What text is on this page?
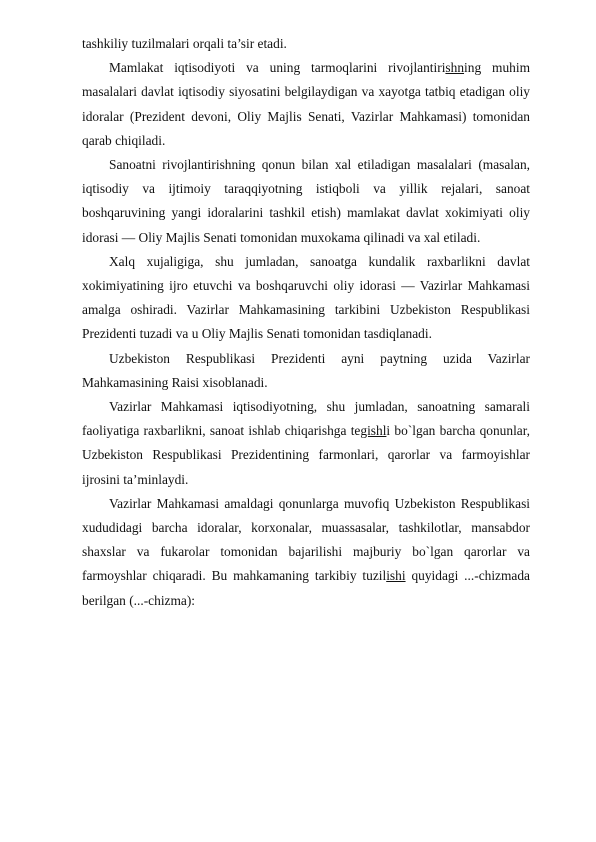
tashkiliy tuzilmalari orqali ta’sir etadi.

Mamlakat iqtisodiyoti va uning tarmoqlarini rivojlantirishning muhim masalalari davlat iqtisodiy siyosatini belgilaydigan va xayotga tatbiq etadigan oliy idoralar (Prezident devoni, Oliy Majlis Senati, Vazirlar Mahkamasi) tomonidan qarab chiqiladi.

Sanoatni rivojlantirishning qonun bilan xal etiladigan masalalari (masalan, iqtisodiy va ijtimoiy taraqqiyotning istiqboli va yillik rejalari, sanoat boshqaruvining yangi idoralarini tashkil etish) mamlakat davlat xokimiyati oliy idorasi — Oliy Majlis Senati tomonidan muxokama qilinadi va xal etiladi.

Xalq xujaligiga, shu jumladan, sanoatga kundalik raxbarlikni davlat xokimiyatining ijro etuvchi va boshqaruvchi oliy idorasi — Vazirlar Mahkamasi amalga oshiradi. Vazirlar Mahkamasining tarkibini Uzbekiston Respublikasi Prezidenti tuzadi va u Oliy Majlis Senati tomonidan tasdiqlanadi.

Uzbekiston Respublikasi Prezidenti ayni paytning uzida Vazirlar Mahkamasining Raisi xisoblanadi.

Vazirlar Mahkamasi iqtisodiyotning, shu jumladan, sanoatning samarali faoliyatiga raxbarlikni, sanoat ishlab chiqarishga tegishli bo`lgan barcha qonunlar, Uzbekiston Respublikasi Prezidentining farmonlari, qarorlar va farmoyishlar ijrosini ta’minlaydi.

Vazirlar Mahkamasi amaldagi qonunlarga muvofiq Uzbekiston Respublikasi xududidagi barcha idoralar, korxonalar, muassasalar, tashkilotlar, mansabdor shaxslar va fukarolar tomonidan bajarilishi majburiy bo`lgan qarorlar va farmoyshlar chiqaradi. Bu mahkamaning tarkibiy tuzilishi quyidagi ...-chizmada berilgan (...-chizma):
